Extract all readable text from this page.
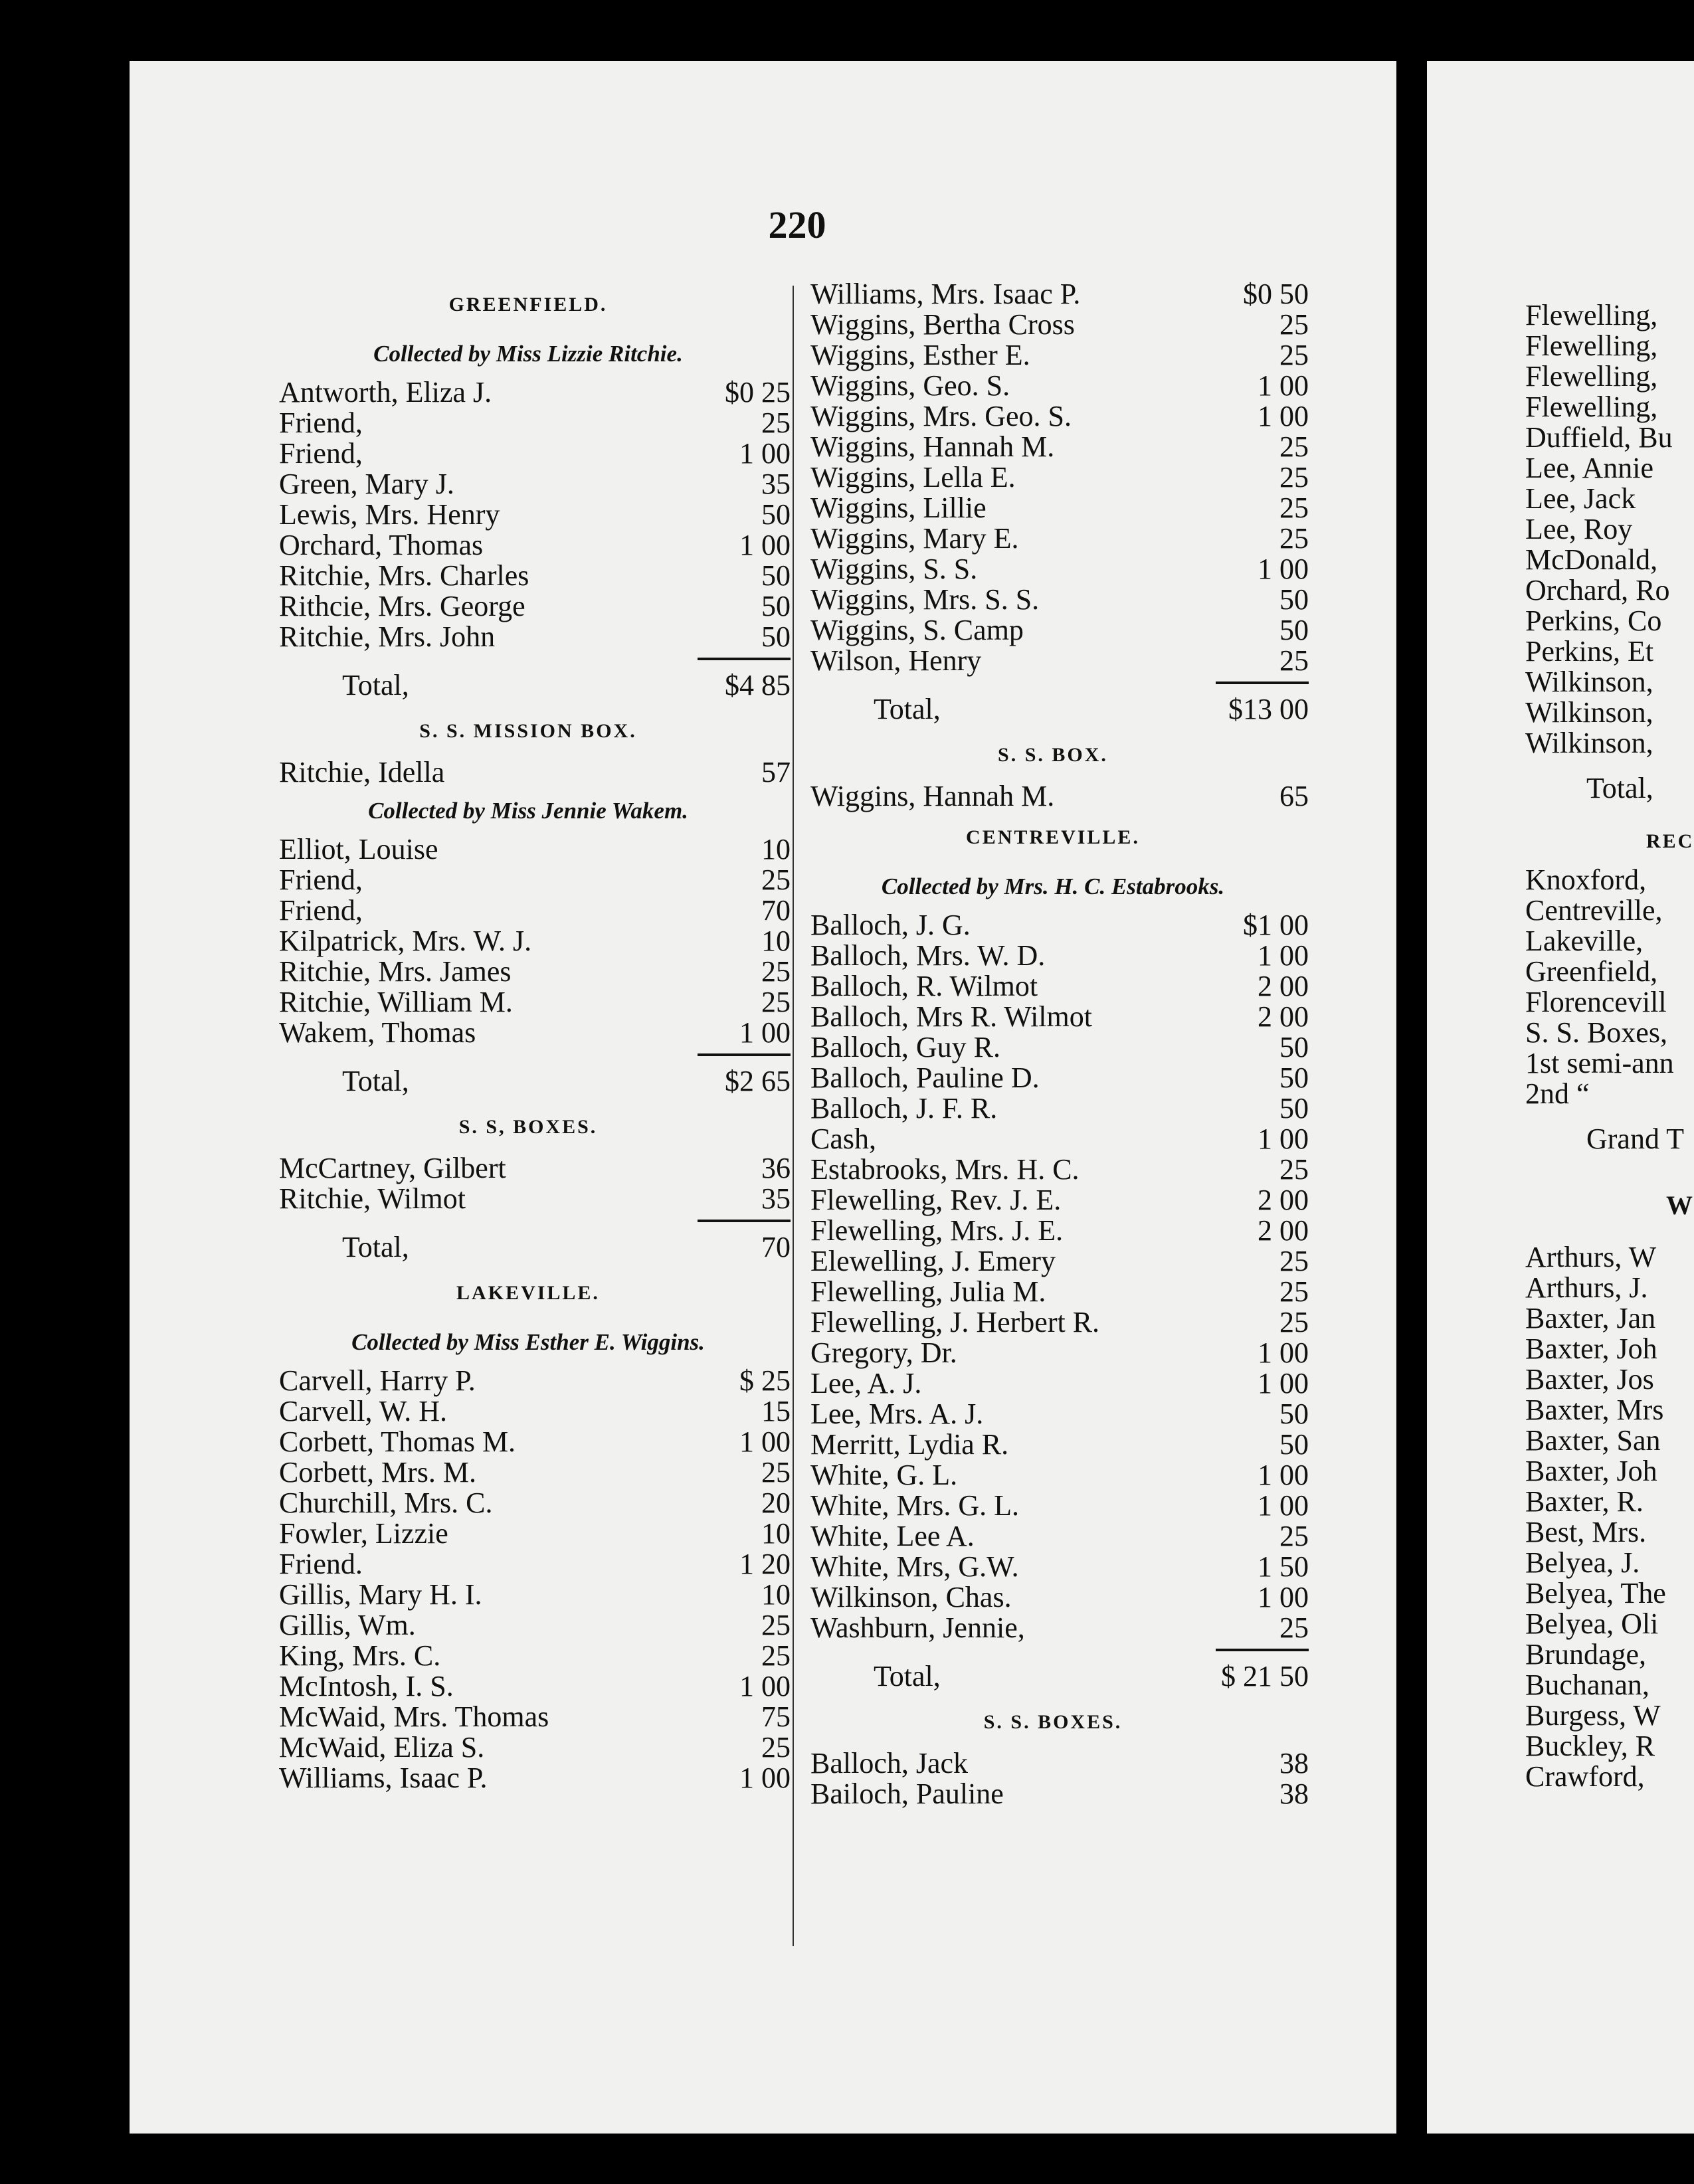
220
GREENFIELD.
Collected by Miss Lizzie Ritchie.
Antworth, Eliza J.	$0 25
Friend,	25
Friend,	1 00
Green, Mary J.	35
Lewis, Mrs. Henry	50
Orchard, Thomas	1 00
Ritchie, Mrs. Charles	50
Rithcie, Mrs. George	50
Ritchie, Mrs. John	50
Total,	$4 85
S. S. MISSION BOX.
Ritchie, Idella	57
Collected by Miss Jennie Wakem.
Elliot, Louise	10
Friend,	25
Friend,	70
Kilpatrick, Mrs. W. J.	10
Ritchie, Mrs. James	25
Ritchie, William M.	25
Wakem, Thomas	1 00
Total,	$2 65
S. S, BOXES.
McCartney, Gilbert	36
Ritchie, Wilmot	35
Total,	70
LAKEVILLE.
Collected by Miss Esther E. Wiggins.
Carvell, Harry P.	$ 25
Carvell, W. H.	15
Corbett, Thomas M.	1 00
Corbett, Mrs. M.	25
Churchill, Mrs. C.	20
Fowler, Lizzie	10
Friend.	1 20
Gillis, Mary H. I.	10
Gillis, Wm.	25
King, Mrs. C.	25
McIntosh, I. S.	1 00
McWaid, Mrs. Thomas	75
McWaid, Eliza S.	25
Williams, Isaac P.	1 00
Williams, Mrs. Isaac P.	$0 50
Wiggins, Bertha Cross	25
Wiggins, Esther E.	25
Wiggins, Geo. S.	1 00
Wiggins, Mrs. Geo. S.	1 00
Wiggins, Hannah M.	25
Wiggins, Lella E.	25
Wiggins, Lillie	25
Wiggins, Mary E.	25
Wiggins, S. S.	1 00
Wiggins, Mrs. S. S.	50
Wiggins, S. Camp	50
Wilson, Henry	25
Total,	$13 00
S. S. BOX.
Wiggins, Hannah M.	65
CENTREVILLE.
Collected by Mrs. H. C. Estabrooks.
Balloch, J. G.	$1 00
Balloch, Mrs. W. D.	1 00
Balloch, R. Wilmot	2 00
Balloch, Mrs R. Wilmot	2 00
Balloch, Guy R.	50
Balloch, Pauline D.	50
Balloch, J. F. R.	50
Cash,	1 00
Estabrooks, Mrs. H. C.	25
Flewelling, Rev. J. E.	2 00
Flewelling, Mrs. J. E.	2 00
Elewelling, J. Emery	25
Flewelling, Julia M.	25
Flewelling, J. Herbert R.	25
Gregory, Dr.	1 00
Lee, A. J.	1 00
Lee, Mrs. A. J.	50
Merritt, Lydia R.	50
White, G. L.	1 00
White, Mrs. G. L.	1 00
White, Lee A.	25
White, Mrs, G.W.	1 50
Wilkinson, Chas.	1 00
Washburn, Jennie,	25
Total,	$ 21 50
S. S. BOXES.
Balloch, Jack	38
Bailoch, Pauline	38
Flewelling,
Flewelling,
Flewelling,
Flewelling,
Duffield, Bu
Lee, Annie
Lee, Jack
Lee, Roy
McDonald,
Orchard, Ro
Perkins, Co
Perkins, Et
Wilkinson,
Wilkinson,
Wilkinson,
Total,
REC
Knoxford,
Centreville,
Lakeville,
Greenfield,
Florencevill
S. S. Boxes,
1st semi-ann
2nd “
Grand T
W
Arthurs, W
Arthurs, J.
Baxter, Jan
Baxter, Joh
Baxter, Jos
Baxter, Mrs
Baxter, San
Baxter, Joh
Baxter, R.
Best, Mrs.
Belyea, J.
Belyea, The
Belyea, Oli
Brundage,
Buchanan,
Burgess, W
Buckley, R
Crawford,
